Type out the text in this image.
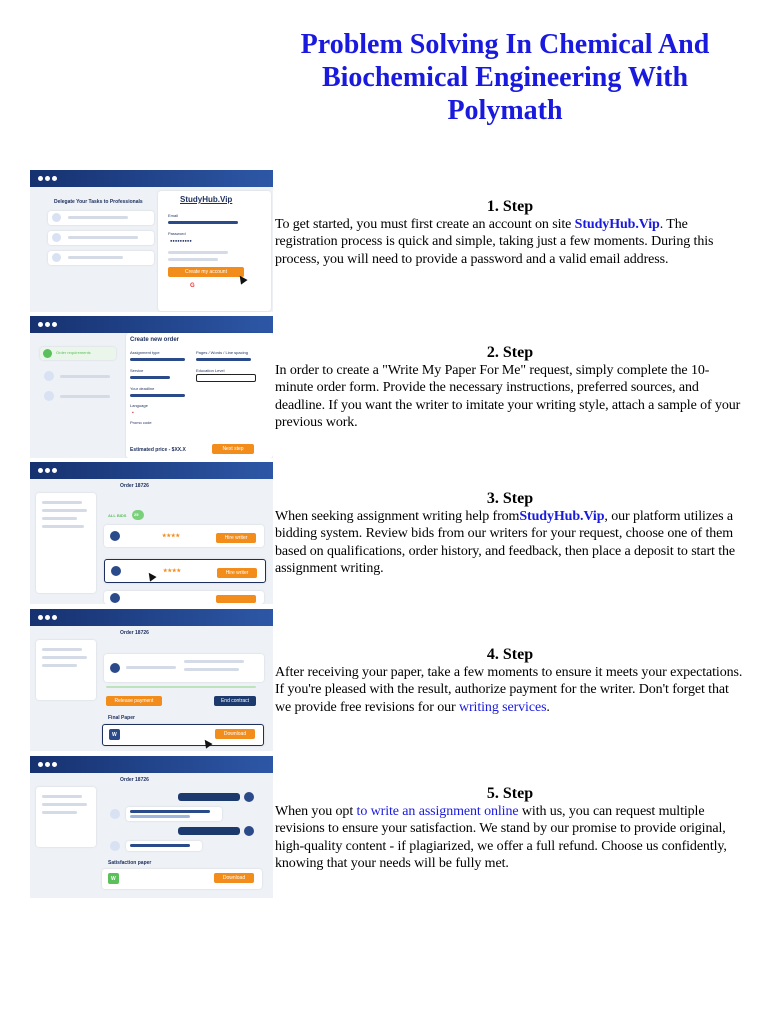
Problem Solving In Chemical And Biochemical Engineering With Polymath
Delegate Your Tasks to Professionals	StudyHub.Vip
Email
Password
●●●●●●●●●
Create my account
G

1. Step

To get started, you must first create an account on site StudyHub.Vip. The registration process is quick and simple, taking just a few moments. During this process, you will need to provide a password and a valid email address.

Order requirements
Create new order
Assignment type	Pages / Words / Line spacing
Service	Education Level
Your deadline
Language
▪
Promo code
Estimated price - $XX.X	Next step

2. Step

In order to create a "Write My Paper For Me" request, simply complete the 10-minute order form. Provide the necessary instructions, preferred sources, and deadline. If you want the writer to imitate your writing style, attach a sample of your previous work.

Order 18726
ALL BIDS 25
★★★★	Hire writer
★★★★	Hire writer

3. Step

When seeking assignment writing help fromStudyHub.Vip, our platform utilizes a bidding system. Review bids from our writers for your request, choose one of them based on qualifications, order history, and feedback, then place a deposit to start the assignment writing.

Order 18726
Release payment	End contract
Final Paper
W	Download

4. Step

After receiving your paper, take a few moments to ensure it meets your expectations. If you're pleased with the result, authorize payment for the writer. Don't forget that we provide free revisions for our writing services.

Order 18726
Satisfaction paper
W	Download

5. Step

When you opt to write an assignment online with us, you can request multiple revisions to ensure your satisfaction. We stand by our promise to provide original, high-quality content - if plagiarized, we offer a full refund. Choose us confidently, knowing that your needs will be fully met.
